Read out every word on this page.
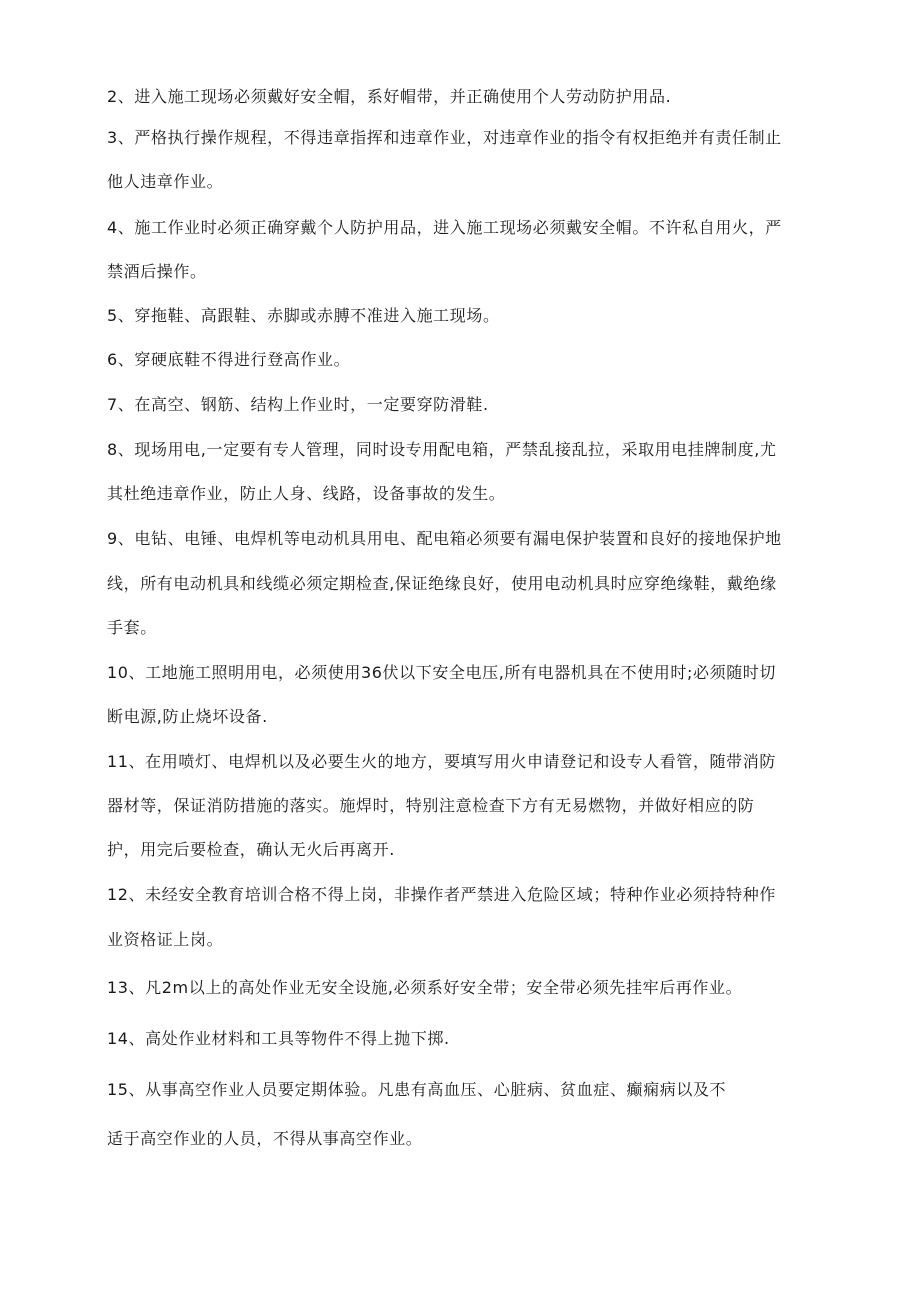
2、进入施工现场必须戴好安全帽，系好帽带，并正确使用个人劳动防护用品.
3、严格执行操作规程，不得违章指挥和违章作业，对违章作业的指令有权拒绝并有责任制止
他人违章作业。
4、施工作业时必须正确穿戴个人防护用品，进入施工现场必须戴安全帽。不许私自用火，严
禁酒后操作。
5、穿拖鞋、高跟鞋、赤脚或赤膊不准进入施工现场。
6、穿硬底鞋不得进行登高作业。
7、在高空、钢筋、结构上作业时，一定要穿防滑鞋.
8、现场用电,一定要有专人管理，同时设专用配电箱，严禁乱接乱拉，采取用电挂牌制度,尤
其杜绝违章作业，防止人身、线路，设备事故的发生。
9、电钻、电锤、电焊机等电动机具用电、配电箱必须要有漏电保护装置和良好的接地保护地
线，所有电动机具和线缆必须定期检查,保证绝缘良好，使用电动机具时应穿绝缘鞋，戴绝缘
手套。
10、工地施工照明用电，必须使用36伏以下安全电压,所有电器机具在不使用时;必须随时切
断电源,防止烧坏设备.
11、在用喷灯、电焊机以及必要生火的地方，要填写用火申请登记和设专人看管，随带消防
器材等，保证消防措施的落实。施焊时，特别注意检查下方有无易燃物，并做好相应的防
护，用完后要检查，确认无火后再离开.
12、未经安全教育培训合格不得上岗，非操作者严禁进入危险区域；特种作业必须持特种作
业资格证上岗。
13、凡2m以上的高处作业无安全设施,必须系好安全带；安全带必须先挂牢后再作业。
14、高处作业材料和工具等物件不得上抛下掷.
15、从事高空作业人员要定期体验。凡患有高血压、心脏病、贫血症、癫痫病以及不
适于高空作业的人员，不得从事高空作业。
